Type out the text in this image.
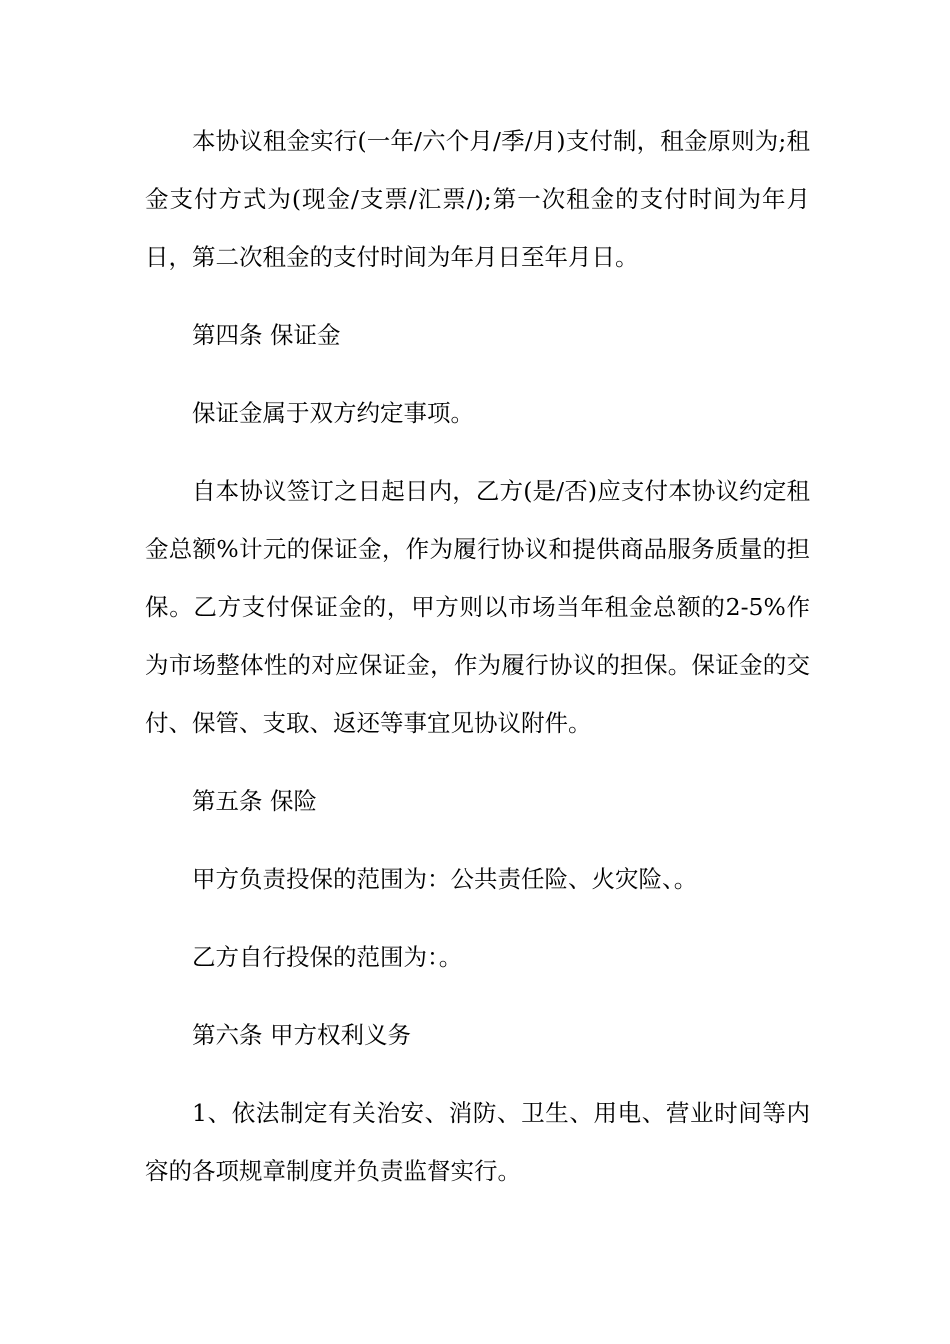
本协议租金实行(一年/六个月/季/月)支付制，租金原则为;租金支付方式为(现金/支票/汇票/);第一次租金的支付时间为年月日，第二次租金的支付时间为年月日至年月日。

第四条 保证金

保证金属于双方约定事项。

自本协议签订之日起日内，乙方(是/否)应支付本协议约定租金总额%计元的保证金，作为履行协议和提供商品服务质量的担保。乙方支付保证金的，甲方则以市场当年租金总额的2-5%作为市场整体性的对应保证金，作为履行协议的担保。保证金的交付、保管、支取、返还等事宜见协议附件。

第五条 保险

甲方负责投保的范围为：公共责任险、火灾险、。

乙方自行投保的范围为：。

第六条 甲方权利义务

1、依法制定有关治安、消防、卫生、用电、营业时间等内容的各项规章制度并负责监督实行。
